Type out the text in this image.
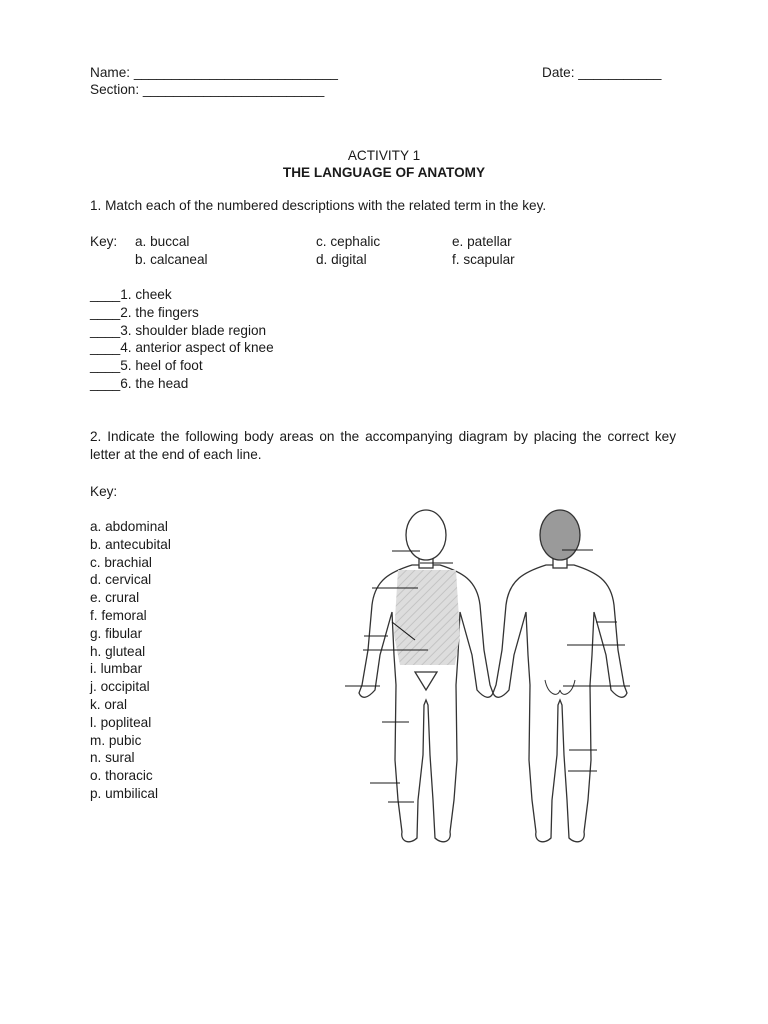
Name: ___________________________	Date: ___________
Section: ________________________
ACTIVITY 1
THE LANGUAGE OF ANATOMY
1. Match each of the numbered descriptions with the related term in the key.
Key: a. buccal
b. calcaneal
c. cephalic
d. digital
e. patellar
f. scapular
____1. cheek
____2. the fingers
____3. shoulder blade region
____4. anterior aspect of knee
____5. heel of foot
____6. the head
2. Indicate the following body areas on the accompanying diagram by placing the correct key letter at the end of each line.
Key:
a. abdominal
b. antecubital
c. brachial
d. cervical
e. crural
f. femoral
g. fibular
h. gluteal
i. lumbar
j. occipital
k. oral
l. popliteal
m. pubic
n. sural
o. thoracic
p. umbilical
